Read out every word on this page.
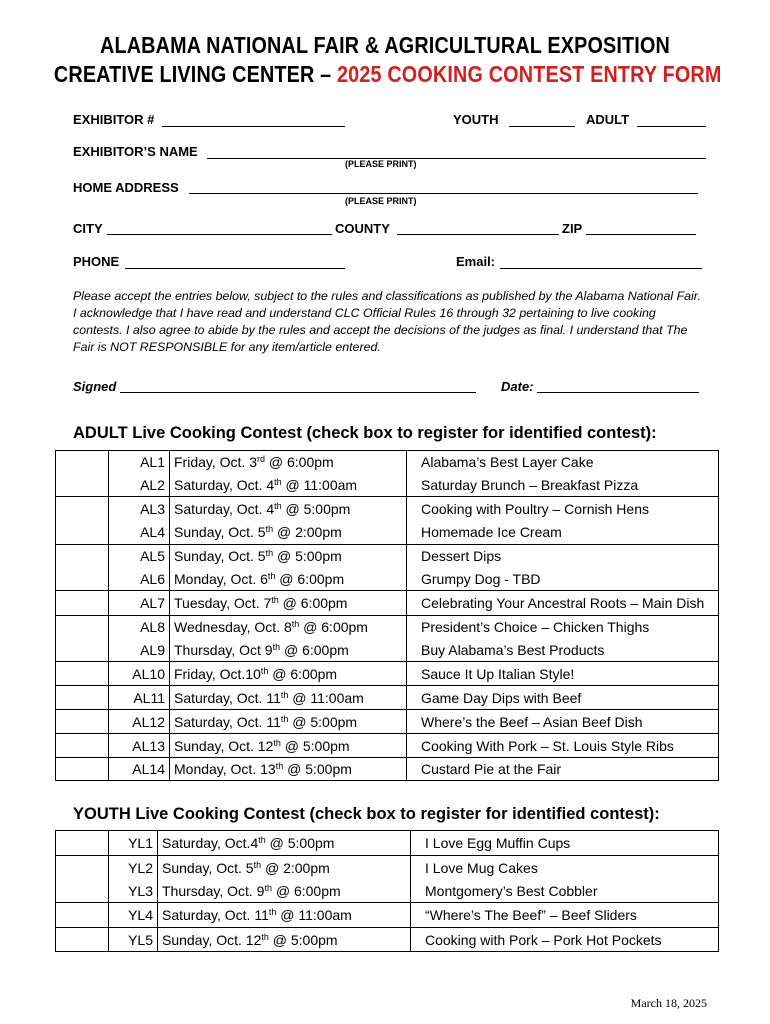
ALABAMA NATIONAL FAIR & AGRICULTURAL EXPOSITION
CREATIVE LIVING CENTER – 2025 COOKING CONTEST ENTRY FORM
EXHIBITOR #	YOUTH	ADULT
EXHIBITOR’S NAME
(PLEASE PRINT)
HOME ADDRESS
(PLEASE PRINT)
CITY	COUNTY	ZIP
PHONE	Email:
Please accept the entries below, subject to the rules and classifications as published by the Alabama National Fair. I acknowledge that I have read and understand CLC Official Rules 16 through 32 pertaining to live cooking contests. I also agree to abide by the rules and accept the decisions of the judges as final. I understand that The Fair is NOT RESPONSIBLE for any item/article entered.
Signed	Date:
ADULT Live Cooking Contest (check box to register for identified contest):
	AL1	Friday, Oct. 3rd @ 6:00pm	Alabama’s Best Layer Cake
	AL2	Saturday, Oct. 4th @ 11:00am	Saturday Brunch – Breakfast Pizza
	AL3	Saturday, Oct. 4th @ 5:00pm	Cooking with Poultry – Cornish Hens
	AL4	Sunday, Oct. 5th @ 2:00pm	Homemade Ice Cream
	AL5	Sunday, Oct. 5th @ 5:00pm	Dessert Dips
	AL6	Monday, Oct. 6th @ 6:00pm	Grumpy Dog - TBD
	AL7	Tuesday, Oct. 7th @ 6:00pm	Celebrating Your Ancestral Roots – Main Dish
	AL8	Wednesday, Oct. 8th @ 6:00pm	President’s Choice – Chicken Thighs
	AL9	Thursday, Oct 9th @ 6:00pm	Buy Alabama’s Best Products
	AL10	Friday, Oct.10th @ 6:00pm	Sauce It Up Italian Style!
	AL11	Saturday, Oct. 11th @ 11:00am	Game Day Dips with Beef
	AL12	Saturday, Oct. 11th @ 5:00pm	Where’s the Beef – Asian Beef Dish
	AL13	Sunday, Oct. 12th @ 5:00pm	Cooking With Pork – St. Louis Style Ribs
	AL14	Monday, Oct. 13th @ 5:00pm	Custard Pie at the Fair
YOUTH Live Cooking Contest (check box to register for identified contest):
	YL1	Saturday, Oct.4th @ 5:00pm	I Love Egg Muffin Cups
	YL2	Sunday, Oct. 5th @ 2:00pm	I Love Mug Cakes
	YL3	Thursday, Oct. 9th @ 6:00pm	Montgomery’s Best Cobbler
	YL4	Saturday, Oct. 11th @ 11:00am	“Where’s The Beef” – Beef Sliders
	YL5	Sunday, Oct. 12th @ 5:00pm	Cooking with Pork – Pork Hot Pockets
March 18, 2025
